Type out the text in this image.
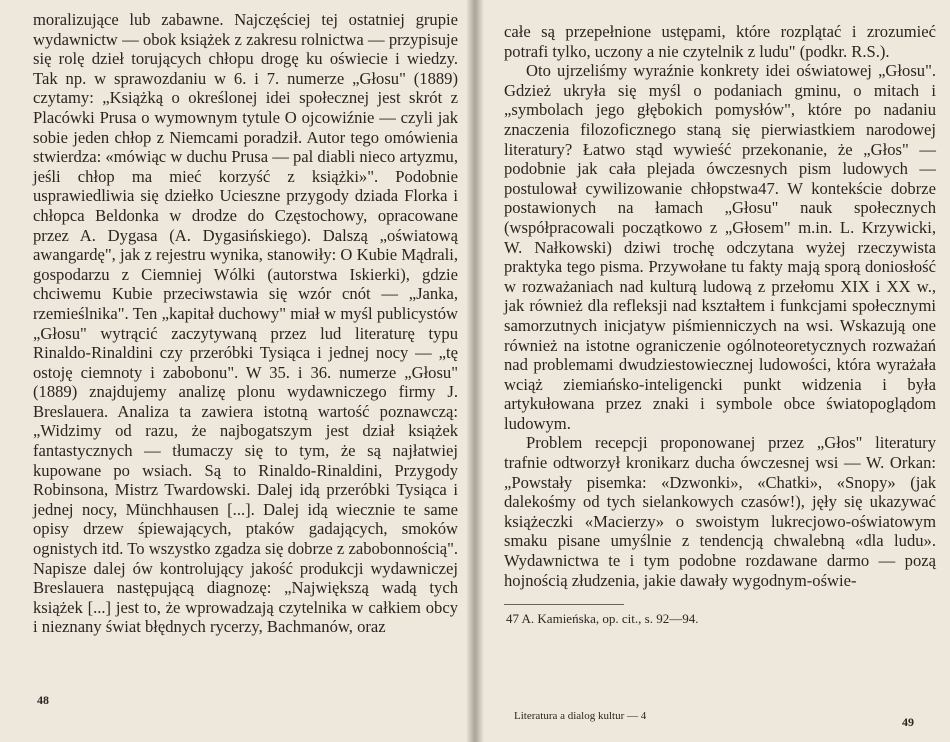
moralizujące lub zabawne. Najczęściej tej ostatniej grupie wydawnictw — obok książek z zakresu rolnictwa — przypisuje się rolę dzieł torujących chłopu drogę ku oświecie i wiedzy. Tak np. w sprawozdaniu w 6. i 7. numerze „Głosu" (1889) czytamy: „Książką o określonej idei społecznej jest skrót z Placówki Prusa o wymownym tytule O ojcowiźnie — czyli jak sobie jeden chłop z Niemcami poradził. Autor tego omówienia stwierdza: «mówiąc w duchu Prusa — pal diabli nieco artyzmu, jeśli chłop ma mieć korzyść z książki»". Podobnie usprawiedliwia się dziełko Ucieszne przygody dziada Florka i chłopca Beldonka w drodze do Częstochowy, opracowane przez A. Dygasa (A. Dygasińskiego). Dalszą „oświatową awangardę", jak z rejestru wynika, stanowiły: O Kubie Mądrali, gospodarzu z Ciemniej Wólki (autorstwa Iskierki), gdzie chciwemu Kubie przeciwstawia się wzór cnót — „Janka, rzemieślnika". Ten „kapitał duchowy" miał w myśl publicystów „Głosu" wytrącić zaczytywaną przez lud literaturę typu Rinaldo-Rinaldini czy przeróbki Tysiąca i jednej nocy — „tę ostoję ciemnoty i zabobonu". W 35. i 36. numerze „Głosu" (1889) znajdujemy analizę plonu wydawniczego firmy J. Breslauera. Analiza ta zawiera istotną wartość poznawczą: „Widzimy od razu, że najbogatszym jest dział książek fantastycznych — tłumaczy się to tym, że są najłatwiej kupowane po wsiach. Są to Rinaldo-Rinaldini, Przygody Robinsona, Mistrz Twardowski. Dalej idą przeróbki Tysiąca i jednej nocy, Münchhausen [...]. Dalej idą wiecznie te same opisy drzew śpiewających, ptaków gadających, smoków ognistych itd. To wszystko zgadza się dobrze z zabobonnością". Napisze dalej ów kontrolujący jakość produkcji wydawniczej Breslauera następującą diagnozę: „Największą wadą tych książek [...] jest to, że wprowadzają czytelnika w całkiem obcy i nieznany świat błędnych rycerzy, Bachmanów, oraz

48

całe są przepełnione ustępami, które rozplątać i zrozumieć potrafi tylko, uczony a nie czytelnik z ludu" (podkr. R.S.).

Oto ujrzeliśmy wyraźnie konkrety idei oświatowej „Głosu". Gdzież ukryła się myśl o podaniach gminu, o mitach i „symbolach jego głębokich pomysłów", które po nadaniu znaczenia filozoficznego staną się pierwiastkiem narodowej literatury? Łatwo stąd wywieść przekonanie, że „Głos" — podobnie jak cała plejada ówczesnych pism ludowych — postulował cywilizowanie chłopstwa47. W kontekście dobrze postawionych na łamach „Głosu" nauk społecznych (współpracowali początkowo z „Głosem" m.in. L. Krzywicki, W. Nałkowski) dziwi trochę odczytana wyżej rzeczywista praktyka tego pisma. Przywołane tu fakty mają sporą doniosłość w rozważaniach nad kulturą ludową z przełomu XIX i XX w., jak również dla refleksji nad kształtem i funkcjami społecznymi samorzutnych inicjatyw piśmienniczych na wsi. Wskazują one również na istotne ograniczenie ogólnoteoretycznych rozważań nad problemami dwudziestowiecznej ludowości, która wyrażała wciąż ziemiańsko-inteligencki punkt widzenia i była artykułowana przez znaki i symbole obce światopoglądom ludowym.

Problem recepcji proponowanej przez „Głos" literatury trafnie odtworzył kronikarz ducha ówczesnej wsi — W. Orkan: „Powstały pisemka: «Dzwonki», «Chatki», «Snopy» (jak dalekośmy od tych sielankowych czasów!), jęły się ukazywać książeczki «Macierzy» o swoistym lukrecjowo-oświatowym smaku pisane umyślnie z tendencją chwalebną «dla ludu». Wydawnictwa te i tym podobne rozdawane darmo — pozą hojnością złudzenia, jakie dawały wygodnym-oświe-

47 A. Kamieńska, op. cit., s. 92—94.
Literatura a dialog kultur — 4	49
